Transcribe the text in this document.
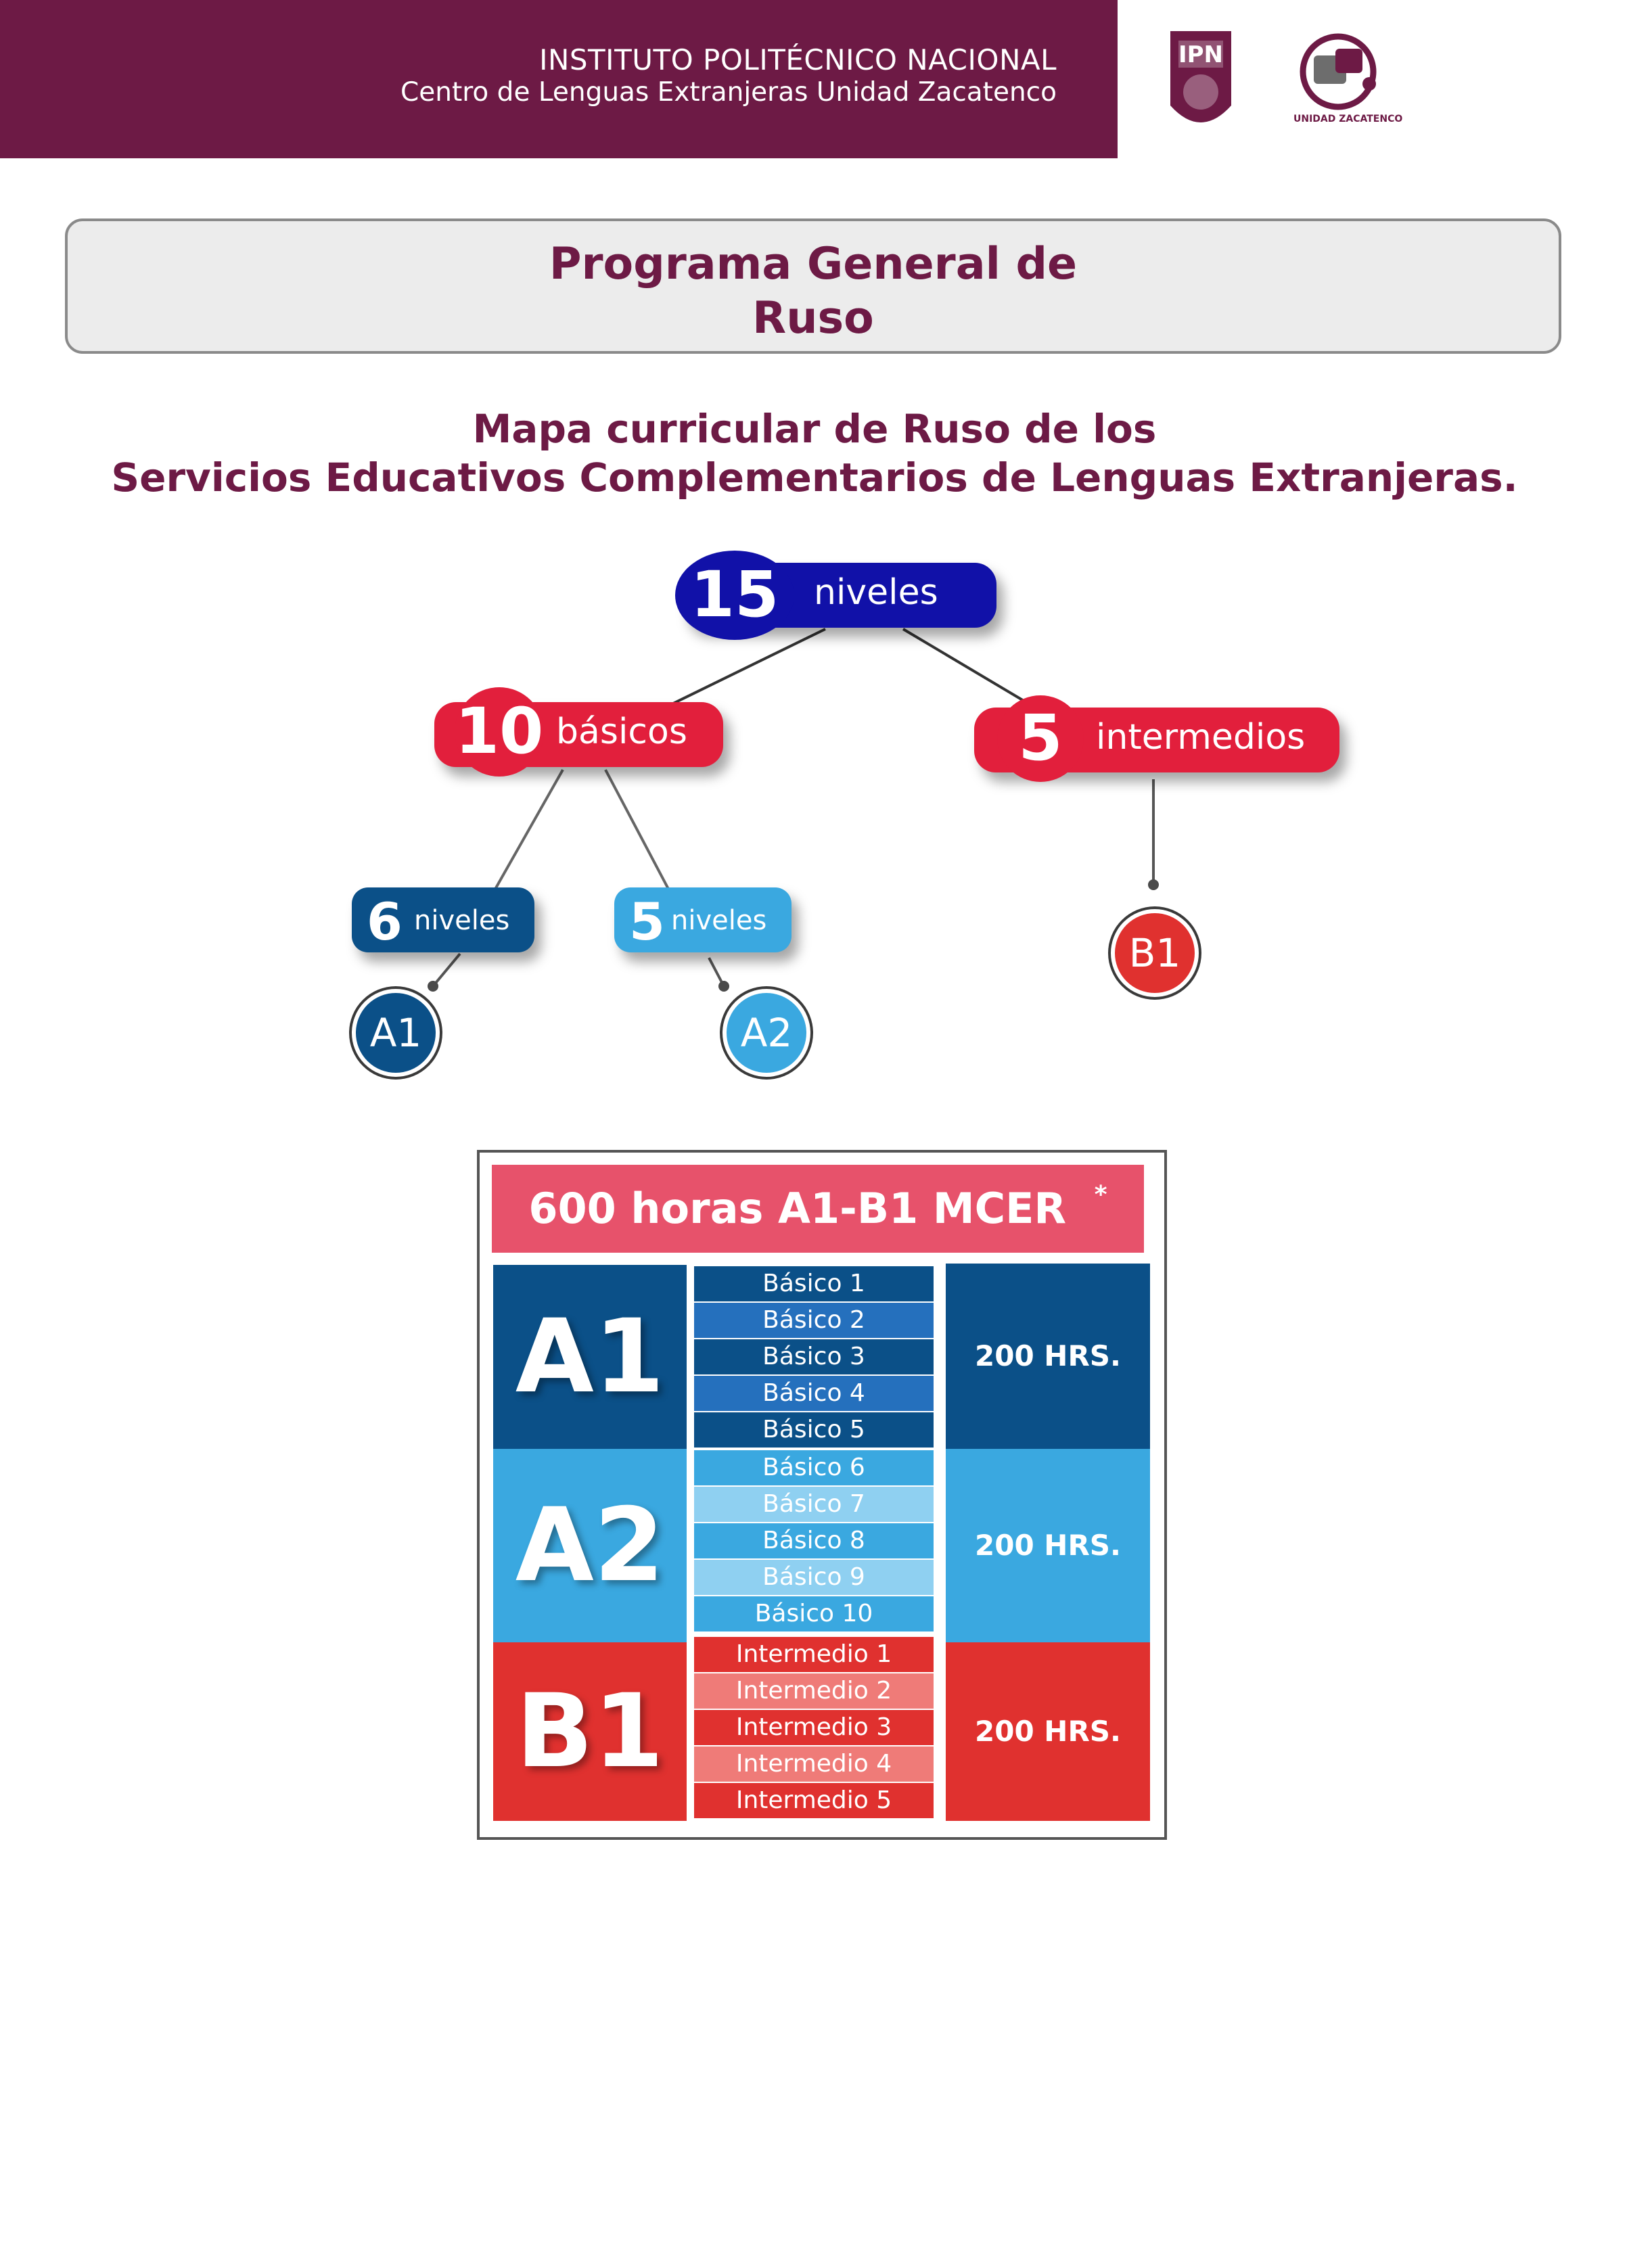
INSTITUTO POLITÉCNICO NACIONAL
Centro de Lenguas Extranjeras Unidad Zacatenco
IPN
UNIDAD ZACATENCO
Programa General de
Ruso
Mapa curricular de Ruso de los
Servicios Educativos Complementarios de Lenguas Extranjeras.
15 niveles
10 básicos	5 intermedios
6 niveles 5 niveles
A1	A2
B1
600 horas A1-B1 MCER *
A1
A2
B1
200 HRS.
200 HRS.
200 HRS.
Básico 1
Básico 2
Básico 3
Básico 4
Básico 5
Básico 6
Básico 7
Básico 8
Básico 9
Básico 10
Intermedio 1
Intermedio 2
Intermedio 3
Intermedio 4
Intermedio 5
